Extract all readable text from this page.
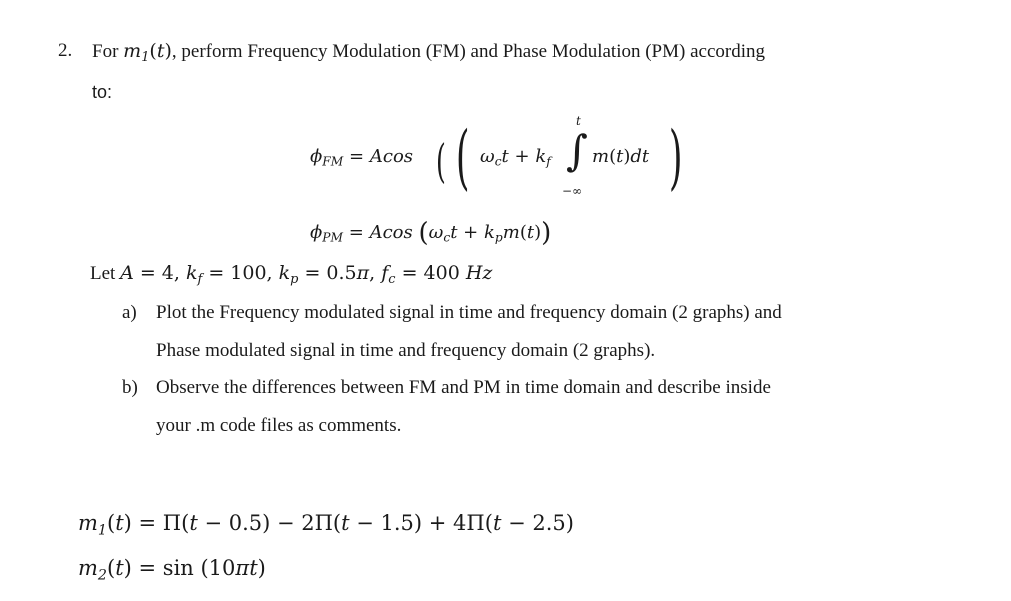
2. For $m_1(t)$, perform Frequency Modulation (FM) and Phase Modulation (PM) according
to:
$\phi_{FM} = Acos$ ( ( $\omega_ct + k_f$
t
∫
−∞
m(t)dt )
$\phi_{PM} = Acos$ $(\omega_ct + k_pm(t))$
Let A = 4, $k_f = 100$, $k_p = 0.5\pi$, $f_c = 400$ Hz
a) Plot the Frequency modulated signal in time and frequency domain (2 graphs) and
Phase modulated signal in time and frequency domain (2 graphs).
b) Observe the differences between FM and PM in time domain and describe inside
your .m code files as comments.
$m_1(t) = \Pi(t - 0.5) - 2\Pi(t - 1.5) + 4\Pi(t - 2.5)$
$m_2(t) = \sin (10\pi t)$
